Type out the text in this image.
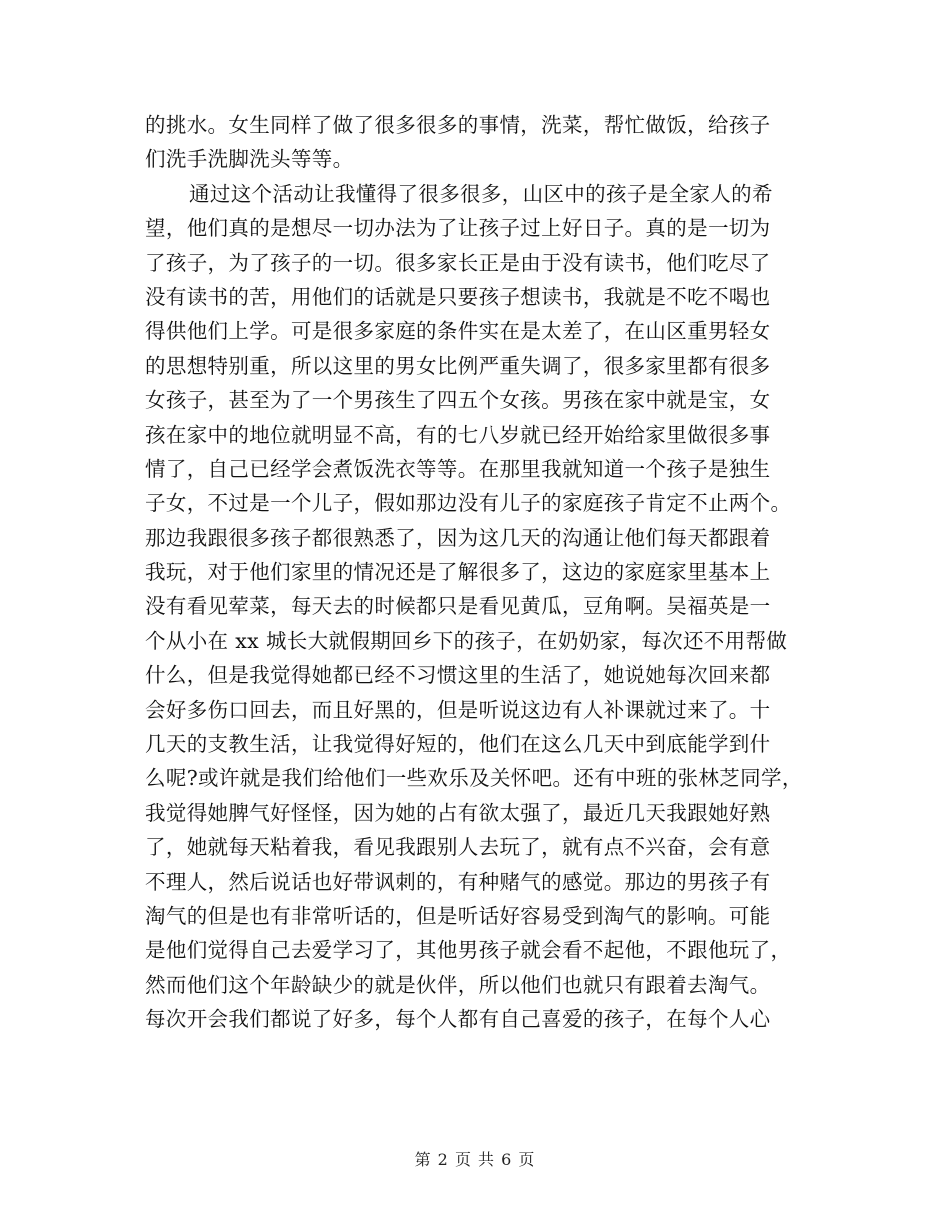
的挑水。女生同样了做了很多很多的事情，洗菜，帮忙做饭，给孩子
们洗手洗脚洗头等等。
通过这个活动让我懂得了很多很多，山区中的孩子是全家人的希
望，他们真的是想尽一切办法为了让孩子过上好日子。真的是一切为
了孩子，为了孩子的一切。很多家长正是由于没有读书，他们吃尽了
没有读书的苦，用他们的话就是只要孩子想读书，我就是不吃不喝也
得供他们上学。可是很多家庭的条件实在是太差了，在山区重男轻女
的思想特别重，所以这里的男女比例严重失调了，很多家里都有很多
女孩子，甚至为了一个男孩生了四五个女孩。男孩在家中就是宝，女
孩在家中的地位就明显不高，有的七八岁就已经开始给家里做很多事
情了，自己已经学会煮饭洗衣等等。在那里我就知道一个孩子是独生
子女，不过是一个儿子，假如那边没有儿子的家庭孩子肯定不止两个。
那边我跟很多孩子都很熟悉了，因为这几天的沟通让他们每天都跟着
我玩，对于他们家里的情况还是了解很多了，这边的家庭家里基本上
没有看见荤菜，每天去的时候都只是看见黄瓜，豆角啊。吴福英是一
个从小在 xx 城长大就假期回乡下的孩子，在奶奶家，每次还不用帮做
什么，但是我觉得她都已经不习惯这里的生活了，她说她每次回来都
会好多伤口回去，而且好黑的，但是听说这边有人补课就过来了。十
几天的支教生活，让我觉得好短的，他们在这么几天中到底能学到什
么呢?或许就是我们给他们一些欢乐及关怀吧。还有中班的张林芝同学，
我觉得她脾气好怪怪，因为她的占有欲太强了，最近几天我跟她好熟
了，她就每天粘着我，看见我跟别人去玩了，就有点不兴奋，会有意
不理人，然后说话也好带讽刺的，有种赌气的感觉。那边的男孩子有
淘气的但是也有非常听话的，但是听话好容易受到淘气的影响。可能
是他们觉得自己去爱学习了，其他男孩子就会看不起他，不跟他玩了，
然而他们这个年龄缺少的就是伙伴，所以他们也就只有跟着去淘气。
每次开会我们都说了好多，每个人都有自己喜爱的孩子，在每个人心
第 2 页 共 6 页
